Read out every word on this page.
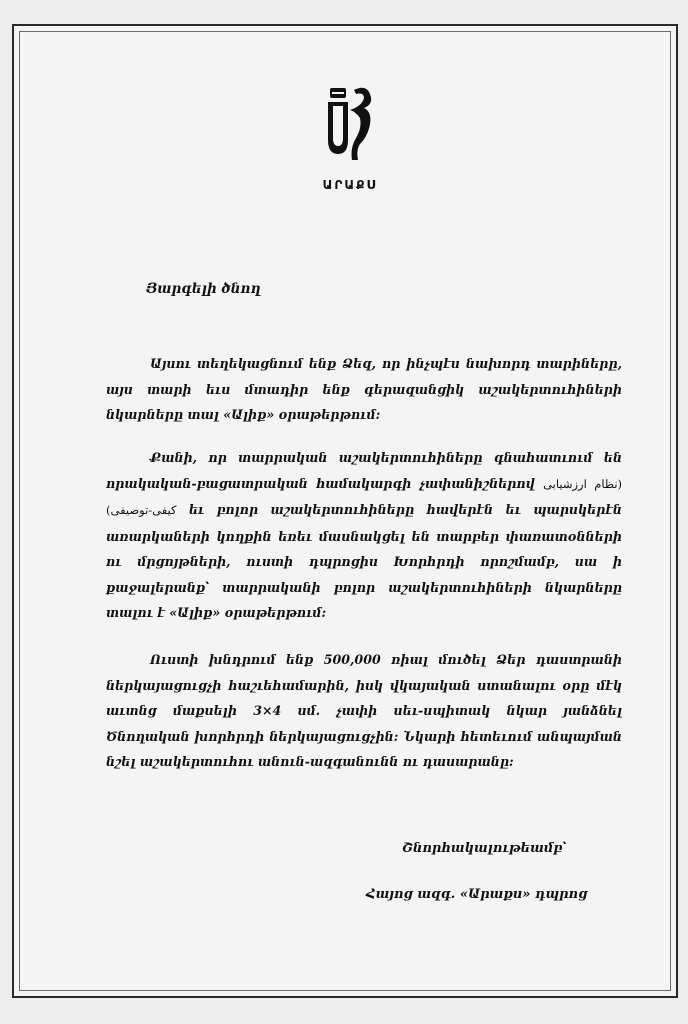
ԱՐԱՔՍ
Յարգելի ծնող
Այսու տեղեկացնում ենք Ձեզ, որ ինչպէս նախորդ տարիները, այս տարի եւս մտադիր ենք գերազանցիկ աշակերտուհիների նկարները տալ «Ալիք» օրաթերթում:
Քանի, որ տարրական աշակերտուհիները գնահատւում են որակական-բացատրական համակարգի չափանիշներով (نظام ارزشیابی کیفی-توصیفی) եւ բոլոր աշակերտուհիները հավերէն եւ պարսկերէն առարկաների կողքին եռեւ մասնակցել են տարբեր փառատօնների ու մրցոյթների, ուստի դպրոցիս Խորհրդի որոշմամբ, սա ի քաջալերանք՝ տարրականի բոլոր աշակերտուհիների նկարները տալու է «Ալիք» օրաթերթում:
Ուստի խնդրում ենք 500,000 ռիալ մուծել Ձեր դաստրանի ներկայացուցչի հաշւեհամարին, իսկ վկայական ստանալու օրը մէկ աւտնց մաքսելի 3×4 սմ. չափի սեւ-սպիտակ նկար յանձնել Ծնողական խորհրդի ներկայացուցչին: Նկարի հետեւում անպայման նշել աշակերտուհու անուն-ազգանունն ու դասարանը:
Շնորհակալութեամբ՝
Հայոց ազգ. «Արաքս» դպրոց
